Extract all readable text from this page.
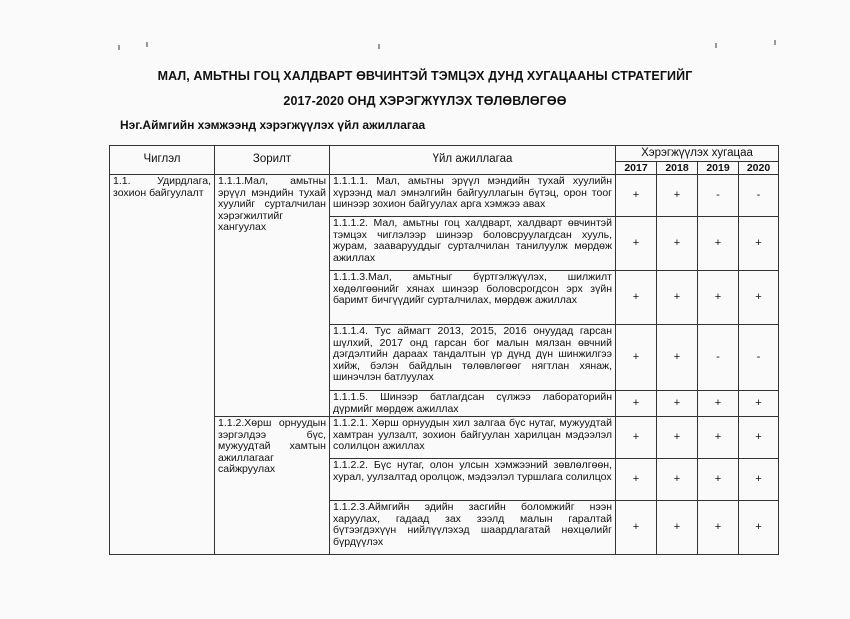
МАЛ, АМЬТНЫ ГОЦ ХАЛДВАРТ ӨВЧИНТЭЙ ТЭМЦЭХ ДУНД ХУГАЦААНЫ СТРАТЕГИЙГ
2017-2020 ОНД ХЭРЭГЖҮҮЛЭХ ТӨЛӨВЛӨГӨӨ
Нэг.Аймгийн хэмжээнд хэрэгжүүлэх үйл ажиллагаа
Чиглэл	Зорилт	Үйл ажиллагаа	Хэрэгжүүлэх хугацаа			
			2017	2018	2019	2020
1.1. Удирдлага, зохион байгуулалт	1.1.1.Мал, амьтны эрүүл мэндийн тухай хуулийг сурталчилан хэрэгжилтийг хангуулах	1.1.1.1. Мал, амьтны эрүүл мэндийн тухай хуулийн хүрээнд мал эмнэлгийн байгууллагын бүтэц, орон тоог шинээр зохион байгуулах арга хэмжээ авах	+	+	-	-
		1.1.1.2. Мал, амьтны гоц халдварт, халдварт өвчинтэй тэмцэх чиглэлээр шинээр боловсруулагдсан хууль, журам, зааварууддыг сурталчилан танилуулж мөрдөж ажиллах	+	+	+	+
		1.1.1.3.Мал, амьтныг бүртгэлжүүлэх, шилжилт хөдөлгөөнийг хянах шинээр боловсрогдсон эрх зүйн баримт бичгүүдийг сурталчилах, мөрдөж ажиллах	+	+	+	+
		1.1.1.4. Тус аймагт 2013, 2015, 2016 онуудад гарсан шүлхий, 2017 онд гарсан бог малын мялзан өвчний дэгдэлтийн дараах тандалтын үр дүнд дүн шинжилгээ хийж, бэлэн байдлын төлөвлөгөөг нягтлан хянаж, шинэчлэн батлуулах	+	+	-	-
		1.1.1.5. Шинээр батлагдсан сүлжээ лабораторийн дүрмийг мөрдөж ажиллах	+	+	+	+
	1.1.2.Хөрш орнуудын зэргэлдээ бүс, мужуудтай хамтын ажиллагааг сайжруулах	1.1.2.1. Хөрш орнуудын хил залгаа бүс нутаг, мужуудтай хамтран уулзалт, зохион байгуулан харилцан мэдээлэл солилцон ажиллах	+	+	+	+
		1.1.2.2. Бүс нутаг, олон улсын хэмжээний зөвлөлгөөн, хурал, уулзалтад оролцож, мэдээлэл туршлага солилцох	+	+	+	+
		1.1.2.3.Аймгийн эдийн засгийн боломжийг нээн харуулах, гадаад зах зээлд малын гаралтай бүтээгдэхүүн нийлүүлэхэд шаардлагатай нөхцөлийг бүрдүүлэх	+	+	+	+
